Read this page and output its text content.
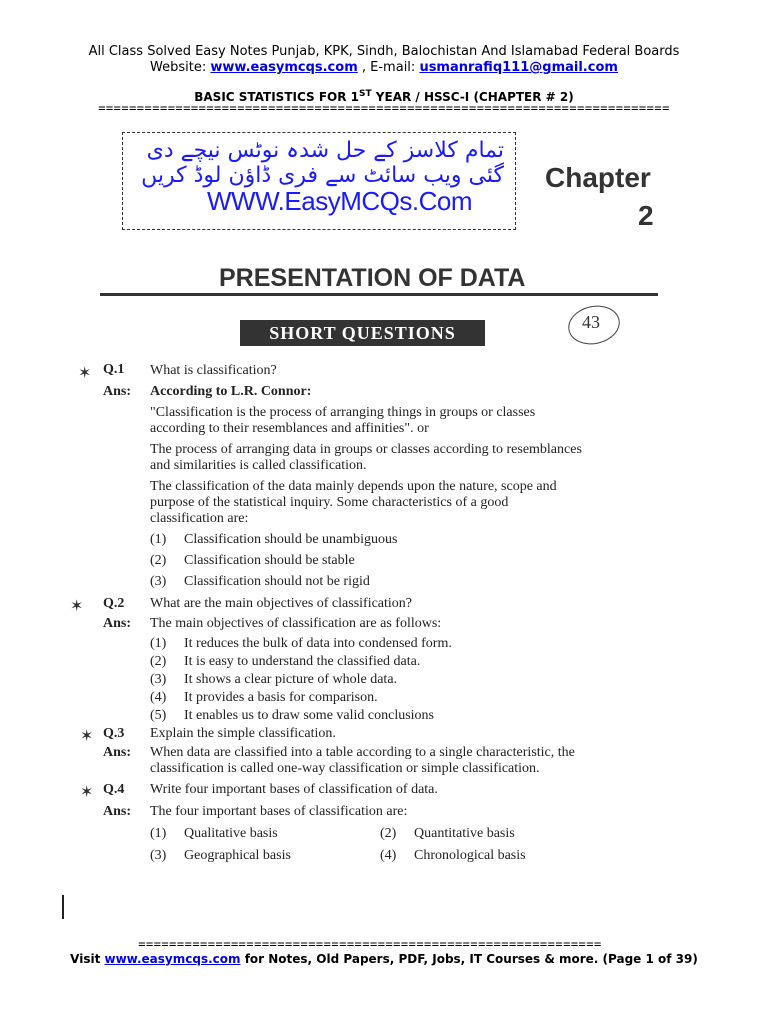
All Class Solved Easy Notes Punjab, KPK, Sindh, Balochistan And Islamabad Federal Boards
Website: www.easymcqs.com , E-mail: usmanrafiq111@gmail.com
BASIC STATISTICS FOR 1ST YEAR / HSSC-I (CHAPTER # 2)
==========================================================================
تمام کلاسز کے حل شدہ نوٹس نیچے دی گئی ویب سائٹ سے فری ڈاؤن لوڈ کریں
WWW.EasyMCQs.Com
Chapter
2
PRESENTATION OF DATA
SHORT QUESTIONS
43
✶ Q.1 What is classification?
Ans: According to L.R. Connor:
"Classification is the process of arranging things in groups or classes
according to their resemblances and affinities". or
The process of arranging data in groups or classes according to resemblances
and similarities is called classification.
The classification of the data mainly depends upon the nature, scope and
purpose of the statistical inquiry. Some characteristics of a good
classification are:
(1) Classification should be unambiguous
(2) Classification should be stable
(3) Classification should not be rigid
✶ Q.2 What are the main objectives of classification?
Ans: The main objectives of classification are as follows:
(1) It reduces the bulk of data into condensed form.
(2) It is easy to understand the classified data.
(3) It shows a clear picture of whole data.
(4) It provides a basis for comparison.
(5) It enables us to draw some valid conclusions
✶ Q.3 Explain the simple classification.
Ans: When data are classified into a table according to a single characteristic, the
classification is called one-way classification or simple classification.
✶ Q.4 Write four important bases of classification of data.
Ans: The four important bases of classification are:
(1) Qualitative basis	(2) Quantitative basis
(3) Geographical basis	(4) Chronological basis
============================================================
Visit www.easymcqs.com for Notes, Old Papers, PDF, Jobs, IT Courses & more. (Page 1 of 39)
